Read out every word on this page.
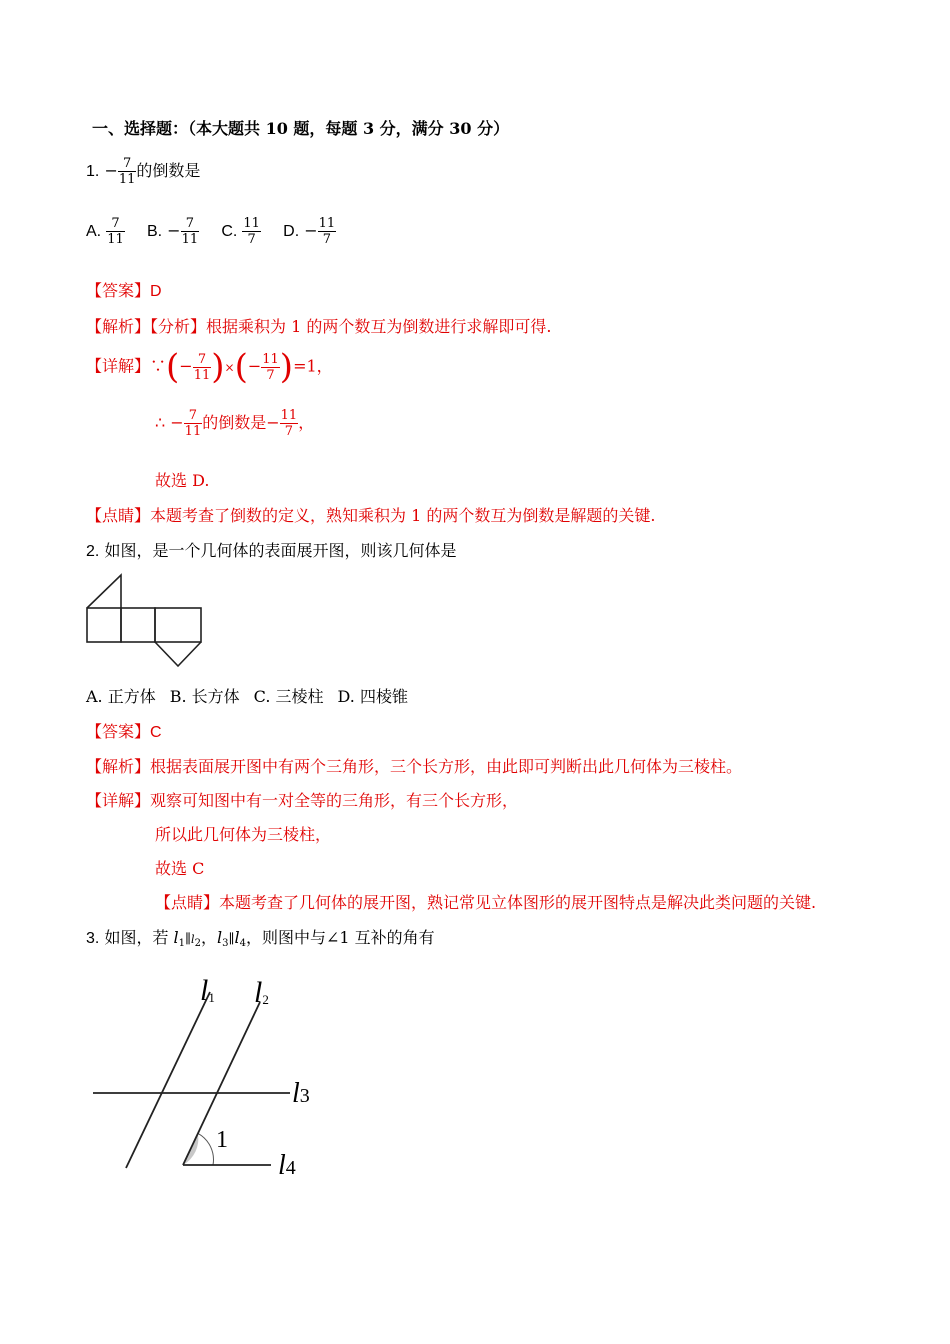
一、选择题：（本大题共 10 题，每题 3 分，满分 30 分）
1. − $\frac{7}{11}$ 的倒数是
A. $\frac{7}{11} B$. − $\frac{7}{11} C$. $\frac{11}{7} D$. − $\frac{11}{7}$
【答案】D
【解析】【分析】根据乘积为 1 的两个数互为倒数进行求解即可得.
【详解】∵(− $\frac{7}{11}$ )×(− $\frac{11}{7} )=1$，
∴ − $\frac{7}{11}$ 的倒数是− $\frac{11}{7}$ ，
故选 D.
【点睛】本题考查了倒数的定义，熟知乘积为 1 的两个数互为倒数是解题的关键.
2. 如图，是一个几何体的表面展开图，则该几何体是
A. 正方体 B. 长方体 C. 三棱柱 D. 四棱锥
【答案】C
【解析】根据表面展开图中有两个三角形，三个长方形，由此即可判断出此几何体为三棱柱。
【详解】观察可知图中有一对全等的三角形，有三个长方形，
所以此几何体为三棱柱，
故选 C
【点睛】本题考查了几何体的展开图，熟记常见立体图形的展开图特点是解决此类问题的关键.
3. 如图，若 $l_1\parallel l_2$，$l_3\parallel l_4$，则图中与∠1 互补的角有
l1 l2
l3
l4
1
